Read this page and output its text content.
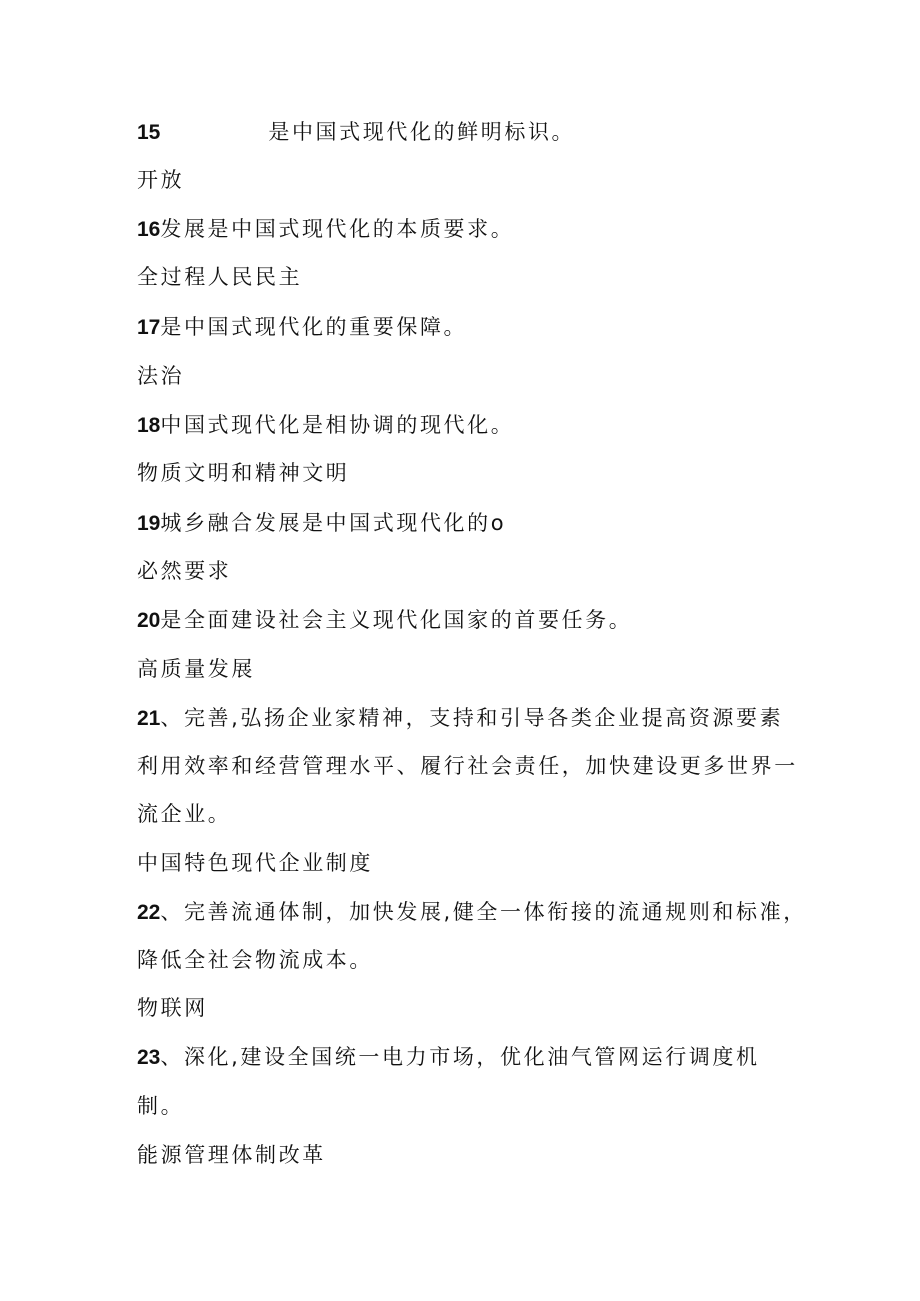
15	是中国式现代化的鲜明标识。
开放
16发展是中国式现代化的本质要求。
全过程人民民主
17是中国式现代化的重要保障。
法治
18中国式现代化是相协调的现代化。
物质文明和精神文明
19城乡融合发展是中国式现代化的o
必然要求
20是全面建设社会主义现代化国家的首要任务。
高质量发展
21、完善,弘扬企业家精神，支持和引导各类企业提高资源要素
利用效率和经营管理水平、履行社会责任，加快建设更多世界一
流企业。
中国特色现代企业制度
22、完善流通体制，加快发展,健全一体衔接的流通规则和标准，
降低全社会物流成本。
物联网
23、深化,建设全国统一电力市场，优化油气管网运行调度机
制。
能源管理体制改革
